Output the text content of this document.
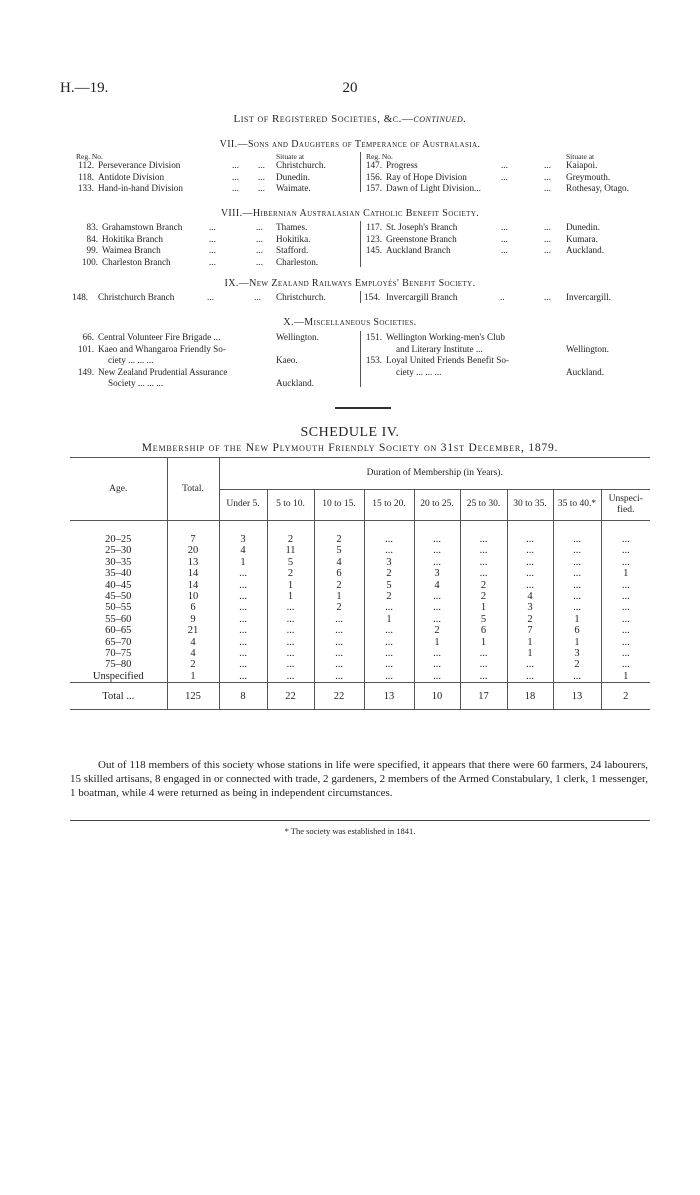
H.—19.	20
List of Registered Societies, &c.—continued.
VII.—Sons and Daughters of Temperance of Australasia.
Reg. No.	Situate at	Reg. No.	Situate at
112. Perseverance Division	... ... Christchurch.
118. Antidote Division	... ... Dunedin.
133. Hand-in-hand Division	... ... Waimate.
147. Progress	...	... Kaiapoi.
156. Ray of Hope Division	...	... Greymouth.
157. Dawn of Light Division...	... Rothesay, Otago.
VIII.—Hibernian Australasian Catholic Benefit Society.
83. Grahamstown Branch	...	... Thames.
84. Hokitika Branch	...	... Hokitika.
99. Waimea Branch	...	... Stafford.
100. Charleston Branch	...	... Charleston.
117. St. Joseph's Branch	...	... Dunedin.
123. Greenstone Branch	...	... Kumara.
145. Auckland Branch	...	... Auckland.
IX.—New Zealand Railways Employés' Benefit Society.
148. Christchurch Branch	...	... Christchurch.
	154. Invercargill Branch	..	... Invercargill.

X.—Miscellaneous Societies.
66. Central Volunteer Fire Brigade ...	Wellington.
101. Kaeo and Whangaroa Friendly So-
ciety ... ... ...	Kaeo.
149. New Zealand Prudential Assurance
Society ... ... ...	Auckland.
151. Wellington Working-men's Club
and Literary Institute ...	Wellington.
153. Loyal United Friends Benefit So-
ciety ... ... ...	Auckland.
SCHEDULE IV.
Membership of the New Plymouth Friendly Society on 31st December, 1879.
Age.	Total.	Duration of Membership (in Years).								
		Under 5.	5 to 10.	10 to 15.	15 to 20.	20 to 25.	25 to 30.	30 to 35.	35 to 40.*	Unspeci-fied.

20–25	7	3	2	2	...	...	...	...	...	...
25–30	20	4	11	5	...	...	...	...	...	...
30–35	13	1	5	4	3	...	...	...	...	...
35–40	14	...	2	6	2	3	...	...	...	1
40–45	14	...	1	2	5	4	2	...	...	...
45–50	10	...	1	1	2	...	2	4	...	...
50–55	6	...	...	2	...	...	1	3	...	...
55–60	9	...	...	...	1	...	5	2	1	...
60–65	21	...	...	...	...	2	6	7	6	...
65–70	4	...	...	...	...	1	1	1	1	...
70–75	4	...	...	...	...	...	...	1	3	...
75–80	2	...	...	...	...	...	...	...	2	...
Unspecified	1	...	...	...	...	...	...	...	...	1
Total ...	125	8	22	22	13	10	17	18	13	2
Out of 118 members of this society whose stations in life were specified, it appears that there were 60 farmers, 24 labourers, 15 skilled artisans, 8 engaged in or connected with trade, 2 gardeners, 2 members of the Armed Constabulary, 1 clerk, 1 messenger, 1 boatman, while 4 were returned as being in independent circumstances.
* The society was established in 1841.
